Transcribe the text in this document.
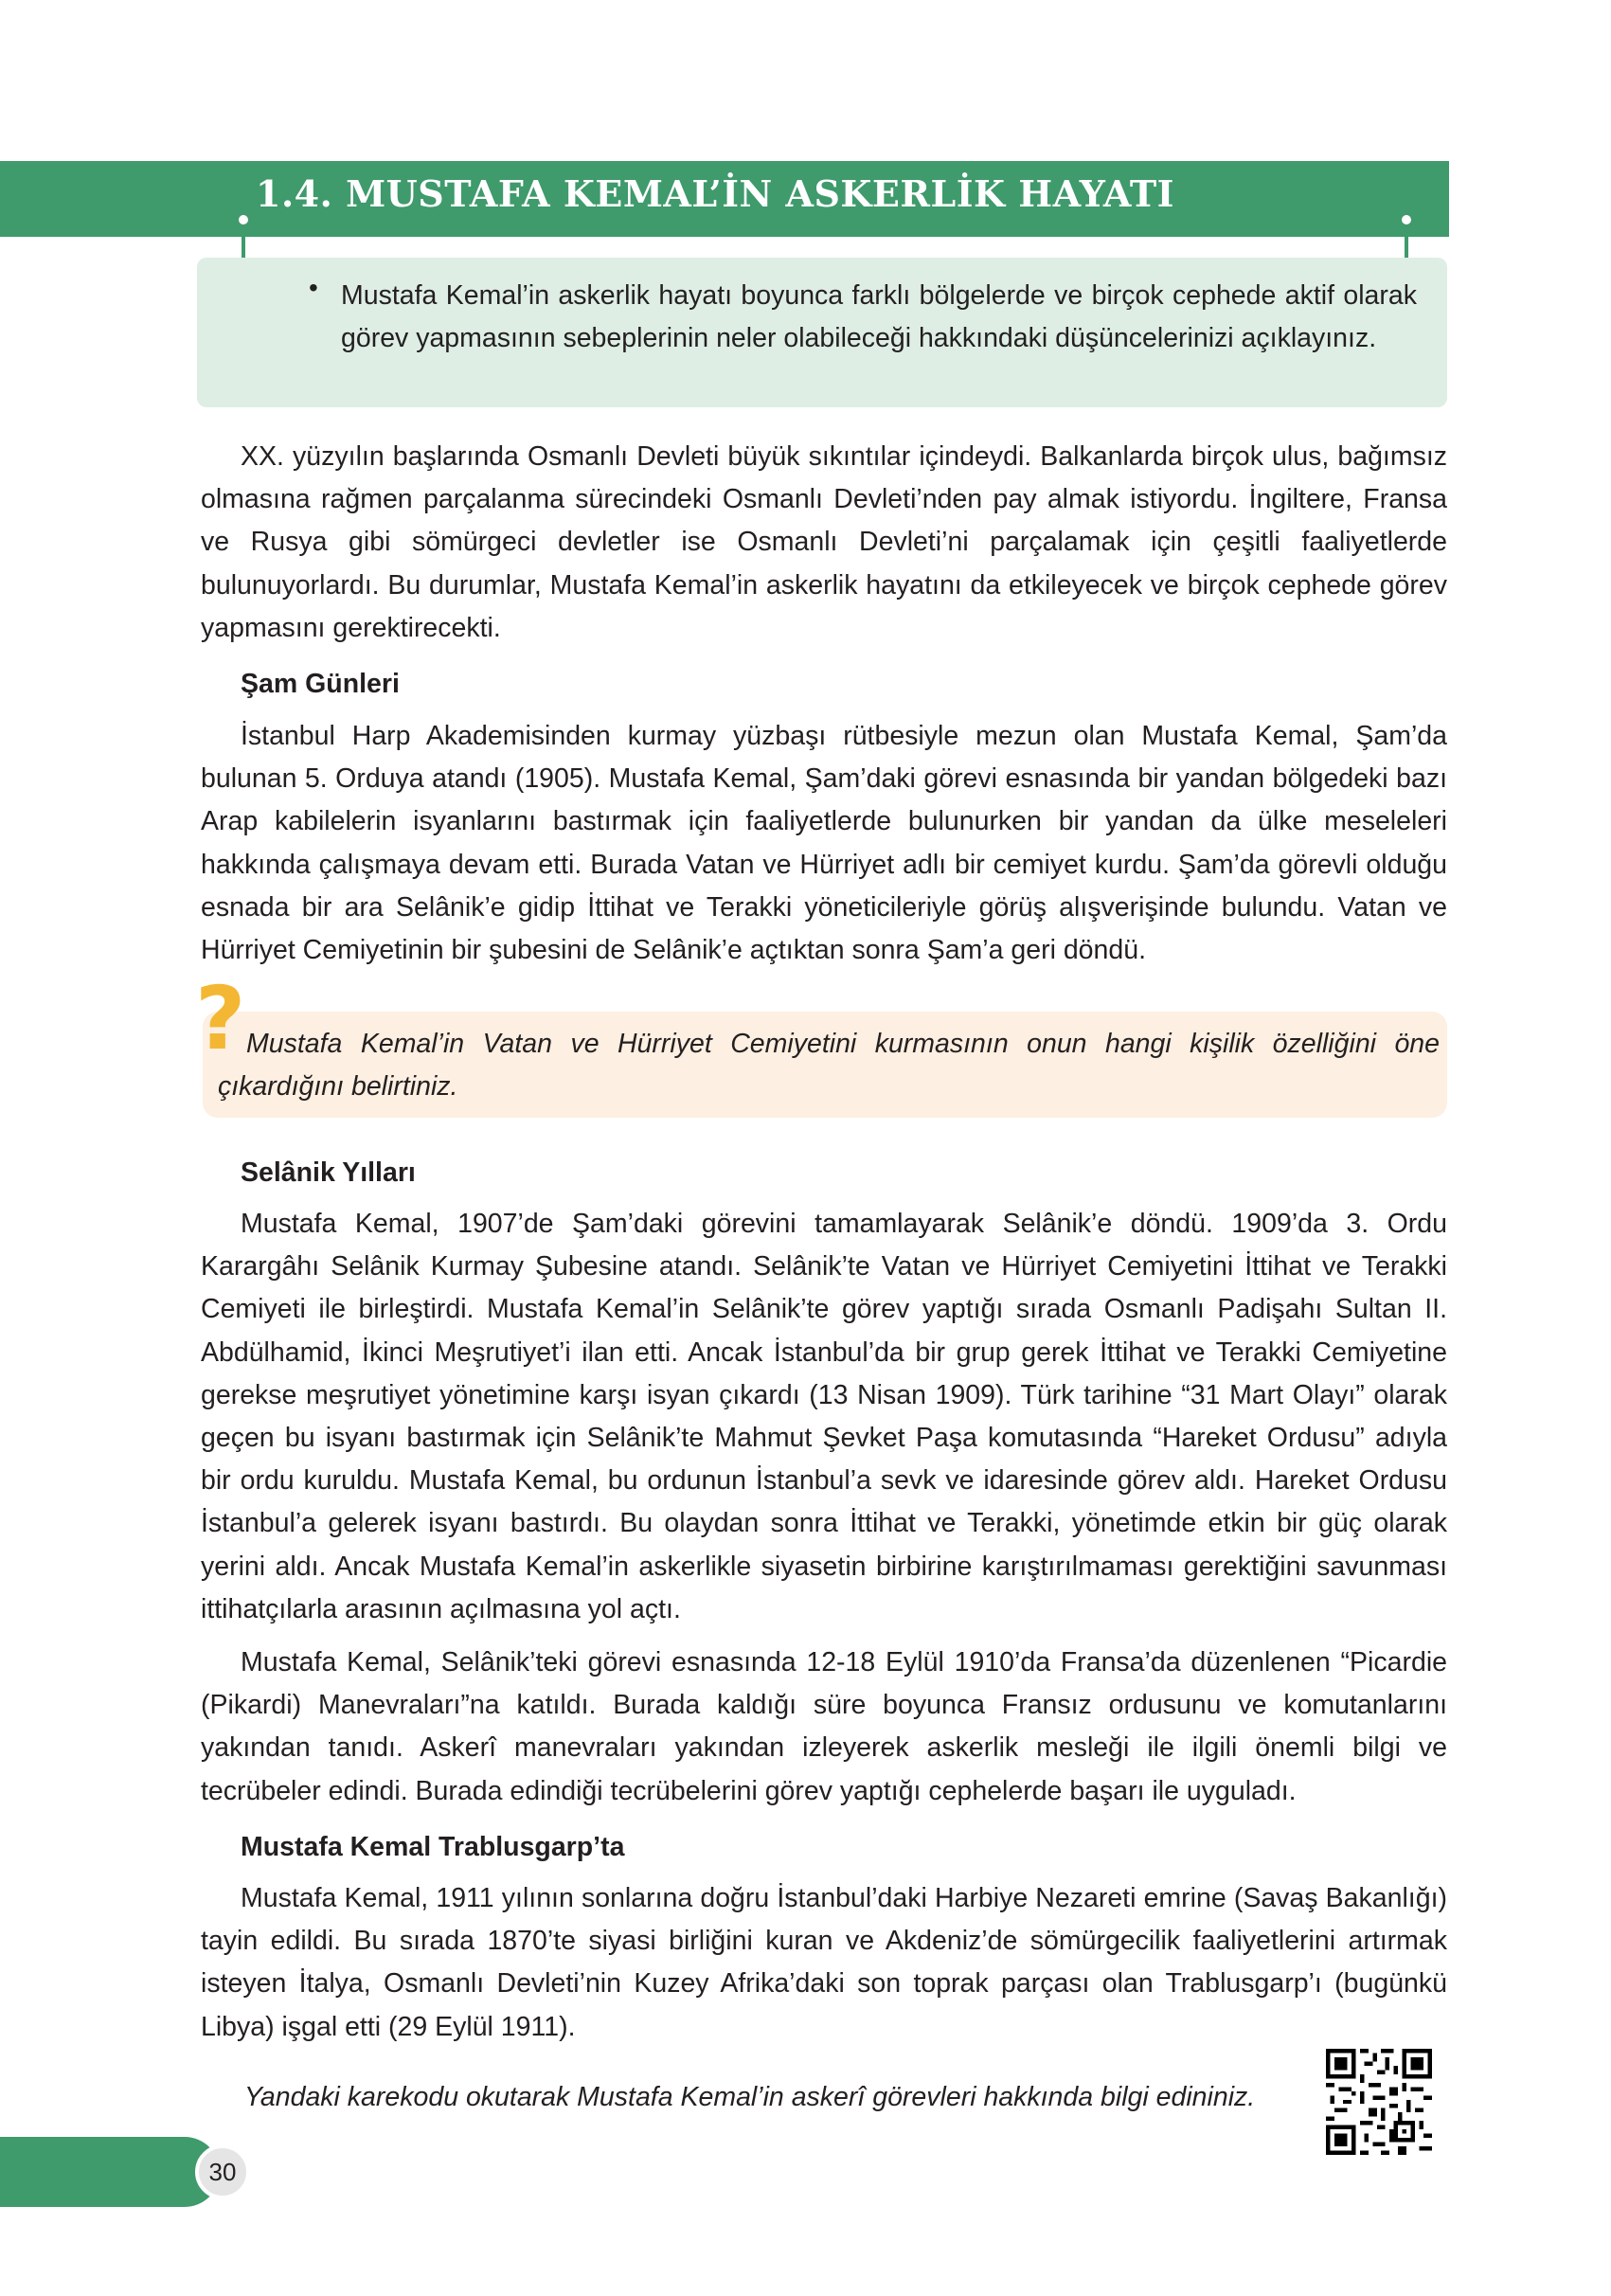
1.4. MUSTAFA KEMAL’İN ASKERLİK HAYATI
• Mustafa Kemal’in askerlik hayatı boyunca farklı bölgelerde ve birçok cephede aktif olarak görev yapmasının sebeplerinin neler olabileceği hakkındaki düşüncelerinizi açıklayınız.
XX. yüzyılın başlarında Osmanlı Devleti büyük sıkıntılar içindeydi. Balkanlarda birçok ulus, bağımsız olmasına rağmen parçalanma sürecindeki Osmanlı Devleti’nden pay almak istiyordu. İngiltere, Fransa ve Rusya gibi sömürgeci devletler ise Osmanlı Devleti’ni parçalamak için çeşitli faaliyetlerde bulunuyorlardı. Bu durumlar, Mustafa Kemal’in askerlik hayatını da etkileyecek ve birçok cephede görev yapmasını gerektirecekti.
Şam Günleri
İstanbul Harp Akademisinden kurmay yüzbaşı rütbesiyle mezun olan Mustafa Kemal, Şam’da bulunan 5. Orduya atandı (1905). Mustafa Kemal, Şam’daki görevi esnasında bir yandan bölgedeki bazı Arap kabilelerin isyanlarını bastırmak için faaliyetlerde bulunurken bir yandan da ülke meseleleri hakkında çalışmaya devam etti. Burada Vatan ve Hürriyet adlı bir cemiyet kurdu. Şam’da görevli olduğu esnada bir ara Selânik’e gidip İttihat ve Terakki yöneticileriyle görüş alışverişinde bulundu. Vatan ve Hürriyet Cemiyetinin bir şubesini de Selânik’e açtıktan sonra Şam’a geri döndü.
? Mustafa Kemal’in Vatan ve Hürriyet Cemiyetini kurmasının onun hangi kişilik özelliğini öne çıkardığını belirtiniz.
Selânik Yılları
Mustafa Kemal, 1907’de Şam’daki görevini tamamlayarak Selânik’e döndü. 1909’da 3. Ordu Karargâhı Selânik Kurmay Şubesine atandı. Selânik’te Vatan ve Hürriyet Cemiyetini İttihat ve Terakki Cemiyeti ile birleştirdi. Mustafa Kemal’in Selânik’te görev yaptığı sırada Osmanlı Padişahı Sultan II. Abdülhamid, İkinci Meşrutiyet’i ilan etti. Ancak İstanbul’da bir grup gerek İttihat ve Terakki Cemiyetine gerekse meşrutiyet yönetimine karşı isyan çıkardı (13 Nisan 1909). Türk tarihine “31 Mart Olayı” olarak geçen bu isyanı bastırmak için Selânik’te Mahmut Şevket Paşa komutasında “Hareket Ordusu” adıyla bir ordu kuruldu. Mustafa Kemal, bu ordunun İstanbul’a sevk ve idaresinde görev aldı. Hareket Ordusu İstanbul’a gelerek isyanı bastırdı. Bu olaydan sonra İttihat ve Terakki, yönetimde etkin bir güç olarak yerini aldı. Ancak Mustafa Kemal’in askerlikle siyasetin birbirine karıştırılmaması gerektiğini savunması ittihatçılarla arasının açılmasına yol açtı.
Mustafa Kemal, Selânik’teki görevi esnasında 12-18 Eylül 1910’da Fransa’da düzenlenen “Picardie (Pikardi) Manevraları”na katıldı. Burada kaldığı süre boyunca Fransız ordusunu ve komutanlarını yakından tanıdı. Askerî manevraları yakından izleyerek askerlik mesleği ile ilgili önemli bilgi ve tecrübeler edindi. Burada edindiği tecrübelerini görev yaptığı cephelerde başarı ile uyguladı.
Mustafa Kemal Trablusgarp’ta
Mustafa Kemal, 1911 yılının sonlarına doğru İstanbul’daki Harbiye Nezareti emrine (Savaş Bakanlığı) tayin edildi. Bu sırada 1870’te siyasi birliğini kuran ve Akdeniz’de sömürgecilik faaliyetlerini artırmak isteyen İtalya, Osmanlı Devleti’nin Kuzey Afrika’daki son toprak parçası olan Trablusgarp’ı (bugünkü Libya) işgal etti (29 Eylül 1911).
Yandaki karekodu okutarak Mustafa Kemal’in askerî görevleri hakkında bilgi edininiz.
30
